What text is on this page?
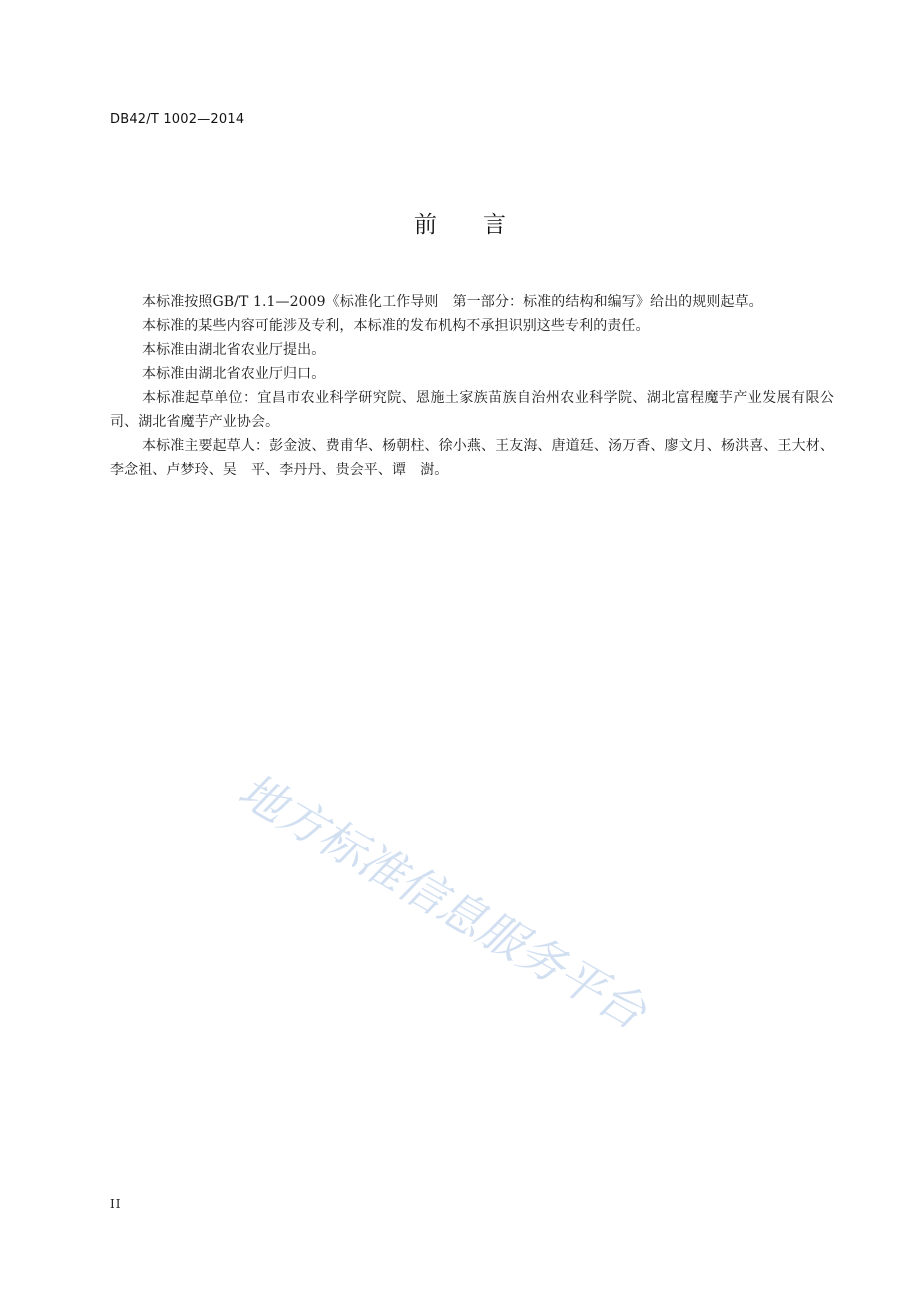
DB42/T 1002—2014
前 言

本标准按照GB/T 1.1—2009《标准化工作导则　第一部分：标准的结构和编写》给出的规则起草。

本标准的某些内容可能涉及专利，本标准的发布机构不承担识别这些专利的责任。

本标准由湖北省农业厅提出。

本标准由湖北省农业厅归口。

本标准起草单位：宜昌市农业科学研究院、恩施土家族苗族自治州农业科学院、湖北富程魔芋产业发展有限公司、湖北省魔芋产业协会。

本标准主要起草人：彭金波、费甫华、杨朝柱、徐小燕、王友海、唐道廷、汤万香、廖文月、杨洪喜、王大材、李念祖、卢梦玲、吴　平、李丹丹、贵会平、谭　澍。

地方标准信息服务平台
II
